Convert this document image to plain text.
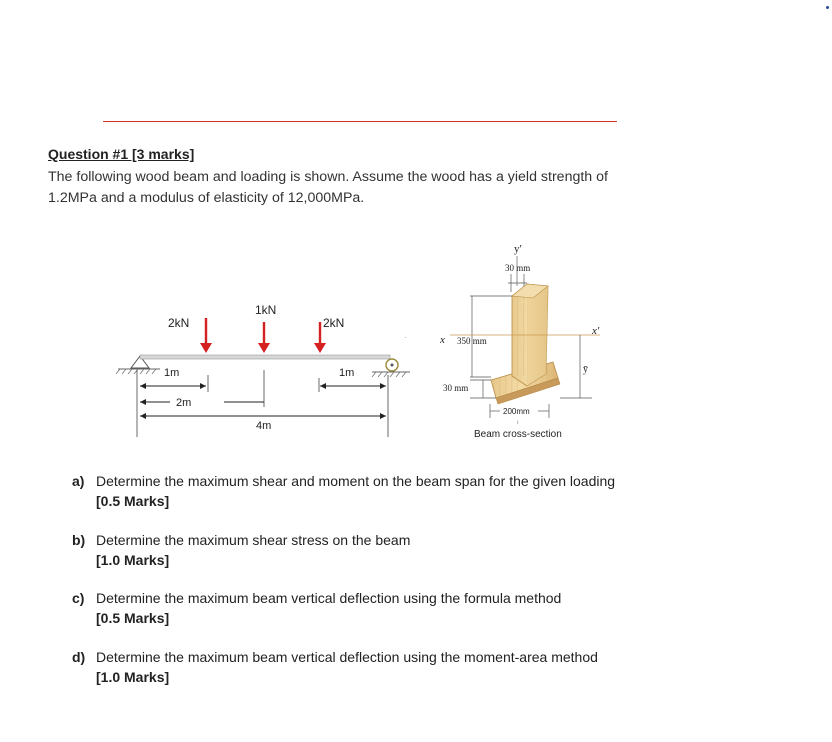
Question #1 [3 marks]
The following wood beam and loading is shown. Assume the wood has a yield strength of
1.2MPa and a modulus of elasticity of 12,000MPa.
2kN
1kN
2kN
1m	1m
2m
4m
.
y′
30 mm
350 mm
30 mm
x
x′
ȳ
200mm
ı
Beam cross-section
a) Determine the maximum shear and moment on the beam span for the given loading
[0.5 Marks]
b) Determine the maximum shear stress on the beam
[1.0 Marks]
c) Determine the maximum beam vertical deflection using the formula method
[0.5 Marks]
d) Determine the maximum beam vertical deflection using the moment-area method
[1.0 Marks]
